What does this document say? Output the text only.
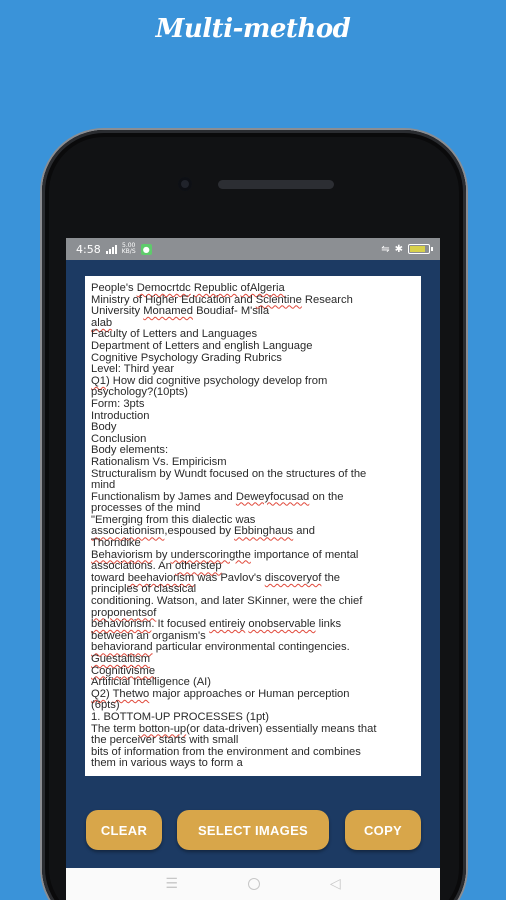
Multi-method
4:58	5.00
KB/S ●	⇋ ✱
People's Democrtdc Republic ofAlgeria
Ministry of Higher Education and Scientine Research
University Monamed Boudiaf- M'sila
alab
Faculty of Letters and Languages
Department of Letters and english Language
Cognitive Psychology Grading Rubrics
Level: Third year
Q1) How did cognitive psychology develop from
psychology?(10pts)
Form: 3pts
Introduction
Body
Conclusion
Body elements:
Rationalism Vs. Empiricism
Structuralism by Wundt focused on the structures of the
mind
Functionalism by James and Deweyfocusad on the
processes of the mind
"Emerging from this dialectic was
associationism,espoused by Ebbinghaus and
Thorndike
Behaviorism by underscoringthe importance of mental
associations. An otherstep
toward beehaviorism was Pavlov's discoveryof the
principles of classical
conditioning. Watson, and later SKinner, were the chief
proponentsof
behaviorism. It focused entireiy onobservable links
between an organism's
behaviorand particular environmental contingencies.
Guestaltism
Cognitivisme
Artificial Intelligence (AI)
Q2) Thetwo major approaches or Human perception
(6pts)
1. BOTTOM-UP PROCESSES (1pt)
The term botton-up(or data-driven) essentially means that
the perceiver starts with small
bits of information from the environment and combines
them in various ways to form a
CLEAR	SELECT IMAGES	COPY
☰	◁
